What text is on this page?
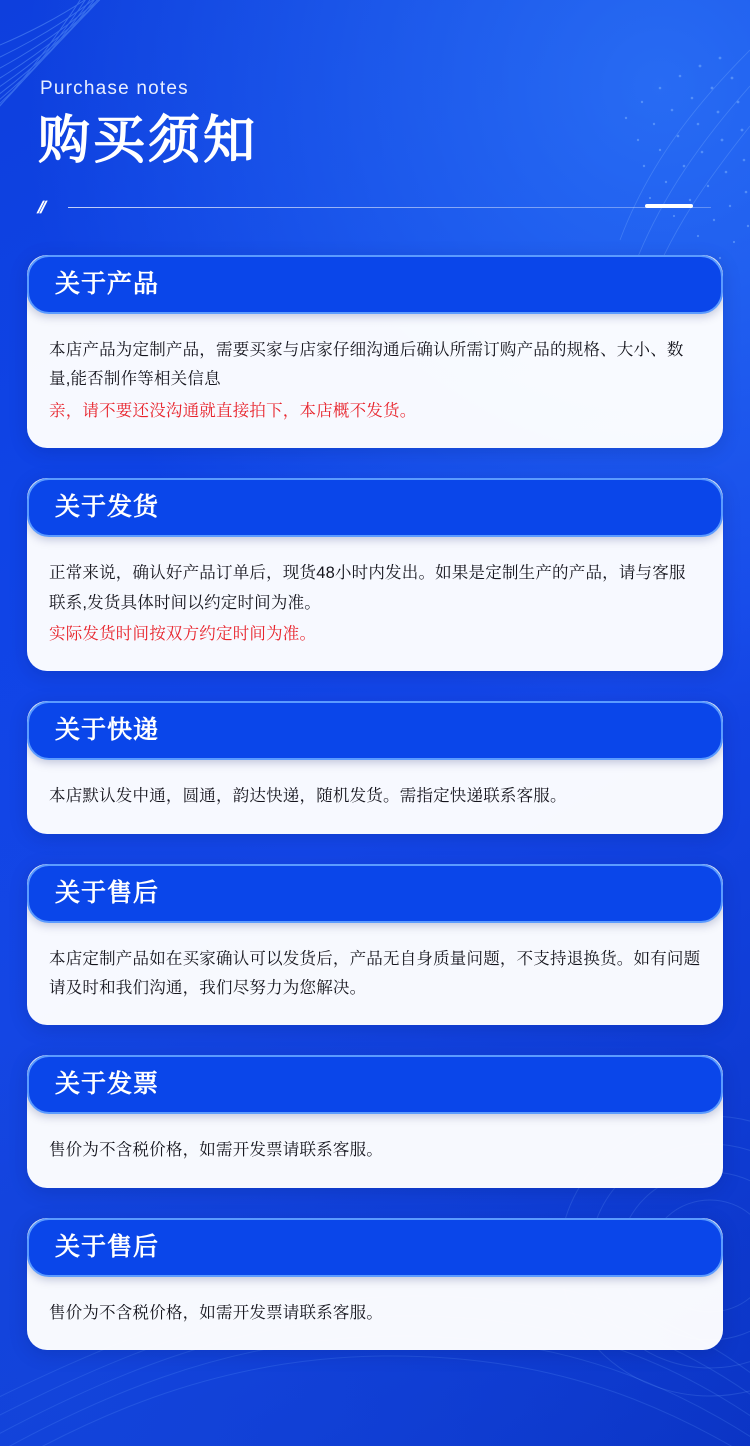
Purchase notes
购买须知
//
关于产品

本店产品为定制产品，需要买家与店家仔细沟通后确认所需订购产品的规格、大小、数量,能否制作等相关信息

亲，请不要还没沟通就直接拍下，本店概不发货。

关于发货

正常来说，确认好产品订单后，现货48小时内发出。如果是定制生产的产品，请与客服联系,发货具体时间以约定时间为准。

实际发货时间按双方约定时间为准。

关于快递

本店默认发中通，圆通，韵达快递，随机发货。需指定快递联系客服。

关于售后

本店定制产品如在买家确认可以发货后，产品无自身质量问题，不支持退换货。如有问题请及时和我们沟通，我们尽努力为您解决。

关于发票

售价为不含税价格，如需开发票请联系客服。

关于售后

售价为不含税价格，如需开发票请联系客服。
